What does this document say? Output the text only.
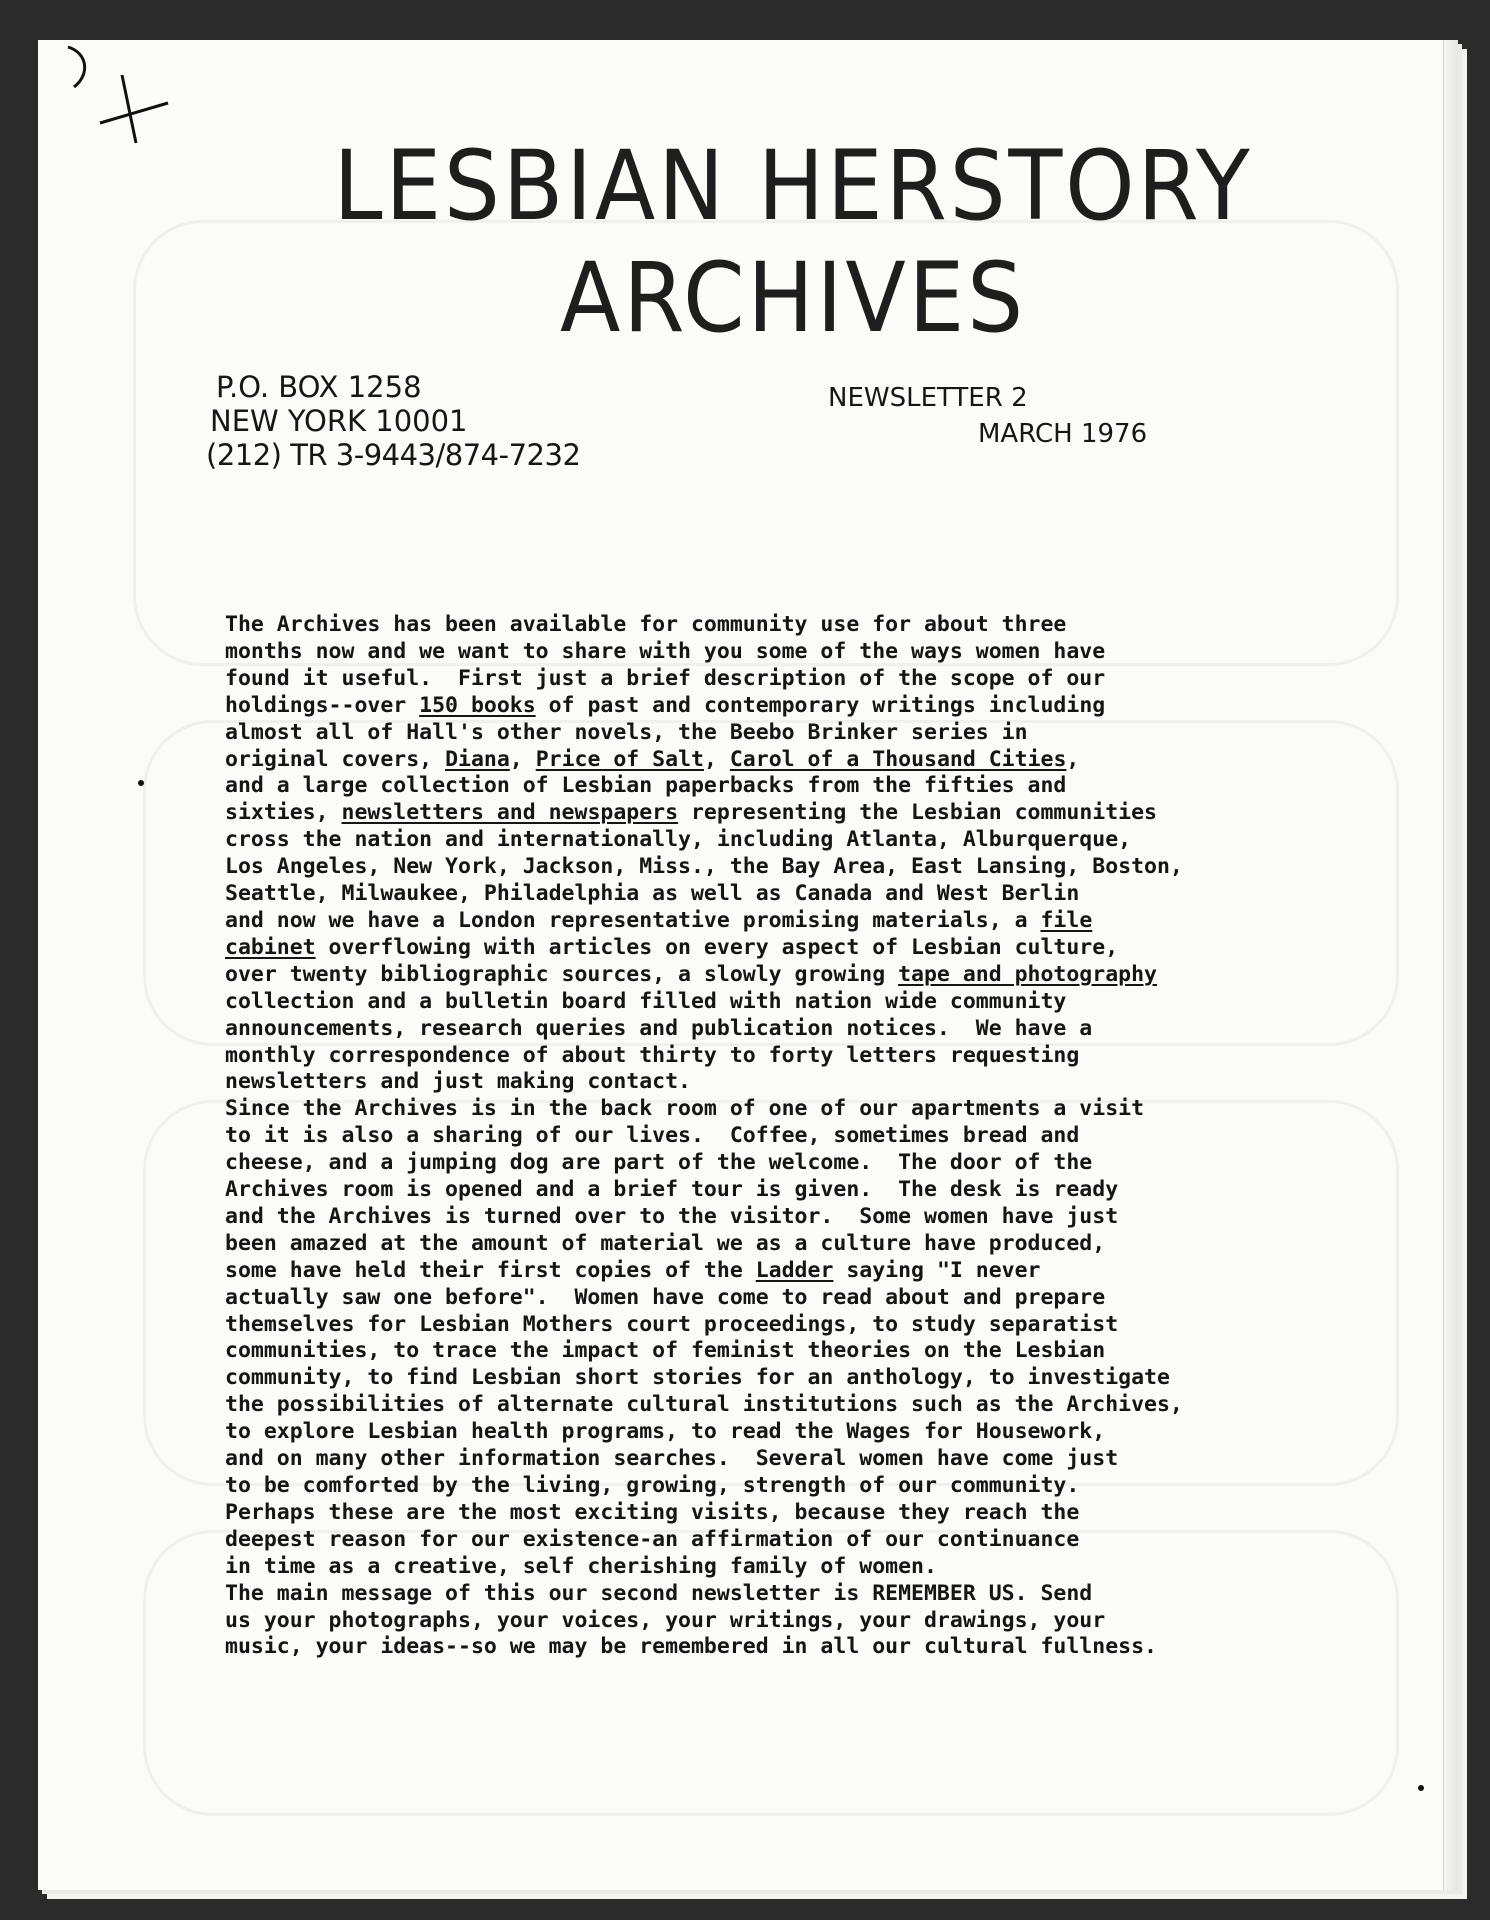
LESBIAN HERSTORY
ARCHIVES
P.O. BOX 1258
NEW YORK 10001
(212) TR 3-9443/874-7232
NEWSLETTER 2
MARCH 1976
The Archives has been available for community use for about three
months now and we want to share with you some of the ways women have
found it useful.  First just a brief description of the scope of our
holdings--over 150 books of past and contemporary writings including
almost all of Hall's other novels, the Beebo Brinker series in
original covers, Diana, Price of Salt, Carol of a Thousand Cities,
and a large collection of Lesbian paperbacks from the fifties and
sixties, newsletters and newspapers representing the Lesbian communities
cross the nation and internationally, including Atlanta, Alburquerque,
Los Angeles, New York, Jackson, Miss., the Bay Area, East Lansing, Boston,
Seattle, Milwaukee, Philadelphia as well as Canada and West Berlin
and now we have a London representative promising materials, a file
cabinet overflowing with articles on every aspect of Lesbian culture,
over twenty bibliographic sources, a slowly growing tape and photography
collection and a bulletin board filled with nation wide community
announcements, research queries and publication notices.  We have a
monthly correspondence of about thirty to forty letters requesting
newsletters and just making contact.
Since the Archives is in the back room of one of our apartments a visit
to it is also a sharing of our lives.  Coffee, sometimes bread and
cheese, and a jumping dog are part of the welcome.  The door of the
Archives room is opened and a brief tour is given.  The desk is ready
and the Archives is turned over to the visitor.  Some women have just
been amazed at the amount of material we as a culture have produced,
some have held their first copies of the Ladder saying "I never
actually saw one before".  Women have come to read about and prepare
themselves for Lesbian Mothers court proceedings, to study separatist
communities, to trace the impact of feminist theories on the Lesbian
community, to find Lesbian short stories for an anthology, to investigate
the possibilities of alternate cultural institutions such as the Archives,
to explore Lesbian health programs, to read the Wages for Housework,
and on many other information searches.  Several women have come just
to be comforted by the living, growing, strength of our community.
Perhaps these are the most exciting visits, because they reach the
deepest reason for our existence-an affirmation of our continuance
in time as a creative, self cherishing family of women.
The main message of this our second newsletter is REMEMBER US. Send
us your photographs, your voices, your writings, your drawings, your
music, your ideas--so we may be remembered in all our cultural fullness.
